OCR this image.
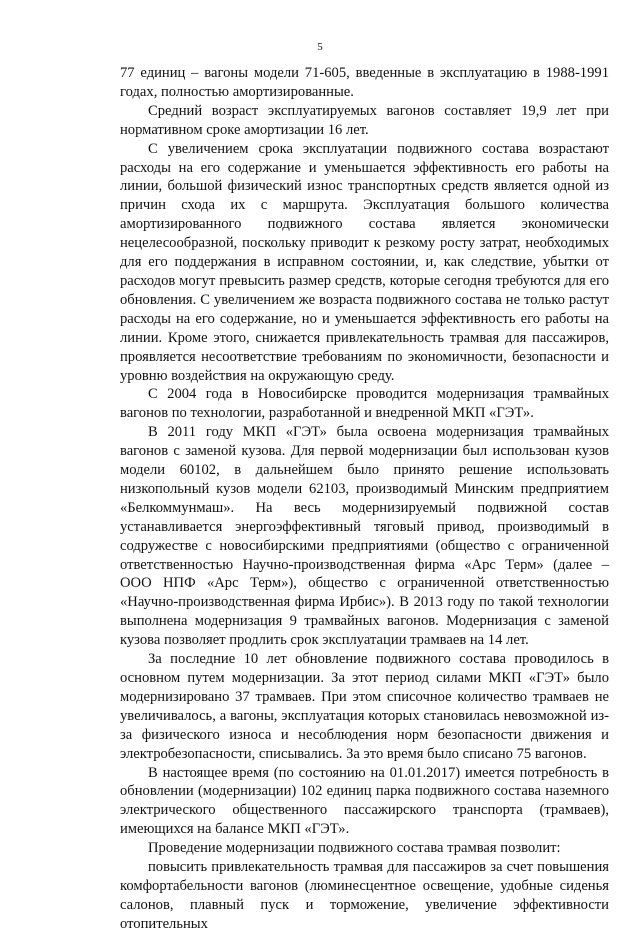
5

77 единиц – вагоны модели 71-605, введенные в эксплуатацию в 1988-1991 годах, полностью амортизированные.

Средний возраст эксплуатируемых вагонов составляет 19,9 лет при нормативном сроке амортизации 16 лет.

С увеличением срока эксплуатации подвижного состава возрастают расходы на его содержание и уменьшается эффективность его работы на линии, большой физический износ транспортных средств является одной из причин схода их с маршрута. Эксплуатация большого количества амортизированного подвижного состава является экономически нецелесообразной, поскольку приводит к резкому росту затрат, необходимых для его поддержания в исправном состоянии, и, как следствие, убытки от расходов могут превысить размер средств, которые сегодня требуются для его обновления. С увеличением же возраста подвижного состава не только растут расходы на его содержание, но и уменьшается эффективность его работы на линии. Кроме этого, снижается привлекательность трамвая для пассажиров, проявляется несоответствие требованиям по экономичности, безопасности и уровню воздействия на окружающую среду.

С 2004 года в Новосибирске проводится модернизация трамвайных вагонов по технологии, разработанной и внедренной МКП «ГЭТ».

В 2011 году МКП «ГЭТ» была освоена модернизация трамвайных вагонов с заменой кузова. Для первой модернизации был использован кузов модели 60102, в дальнейшем было принято решение использовать низкопольный кузов модели 62103, производимый Минским предприятием «Белкоммунмаш». На весь модернизируемый подвижной состав устанавливается энергоэффективный тяговый привод, производимый в содружестве с новосибирскими предприятиями (общество с ограниченной ответственностью Научно-производственная фирма «Арс Терм» (далее – ООО НПФ «Арс Терм»), общество с ограниченной ответственностью «Научно-производственная фирма Ирбис»). В 2013 году по такой технологии выполнена модернизация 9 трамвайных вагонов. Модернизация с заменой кузова позволяет продлить срок эксплуатации трамваев на 14 лет.

За последние 10 лет обновление подвижного состава проводилось в основном путем модернизации. За этот период силами МКП «ГЭТ» было модернизировано 37 трамваев. При этом списочное количество трамваев не увеличивалось, а вагоны, эксплуатация которых становилась невозможной из-за физического износа и несоблюдения норм безопасности движения и электробезопасности, списывались. За это время было списано 75 вагонов.

В настоящее время (по состоянию на 01.01.2017) имеется потребность в обновлении (модернизации) 102 единиц парка подвижного состава наземного электрического общественного пассажирского транспорта (трамваев), имеющихся на балансе МКП «ГЭТ».

Проведение модернизации подвижного состава трамвая позволит:

повысить привлекательность трамвая для пассажиров за счет повышения комфортабельности вагонов (люминесцентное освещение, удобные сиденья салонов, плавный пуск и торможение, увеличение эффективности отопительных
